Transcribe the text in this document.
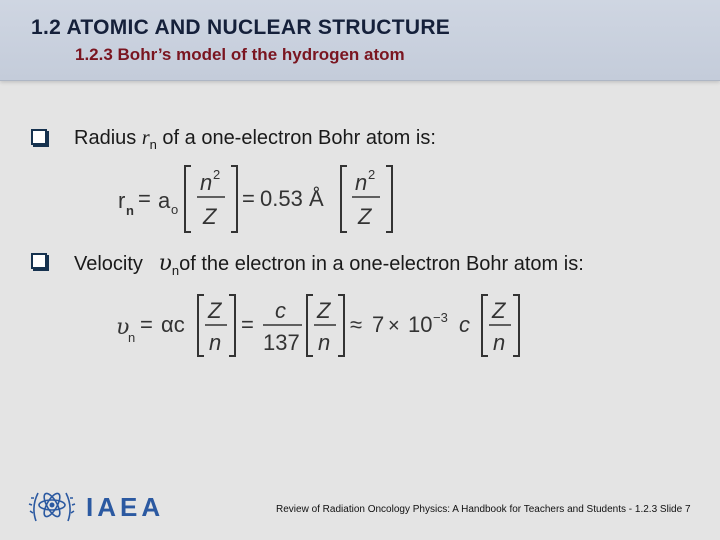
1.2 ATOMIC AND NUCLEAR STRUCTURE
1.2.3 Bohr’s model of the hydrogen atom
Radius $r_n$ of a one-electron Bohr atom is:
r n = a o
n 2
Z
= 0.53 Å
n 2
Z
Velocity $\upsilon_nof$ the electron in a one-electron Bohr atom is:
υ
n
= αc
Z
n
=
c
137
Z
n
≈ 7 × 10 −3 c
Z
n
IAEA	Review of Radiation Oncology Physics: A Handbook for Teachers and Students - 1.2.3 Slide 7
